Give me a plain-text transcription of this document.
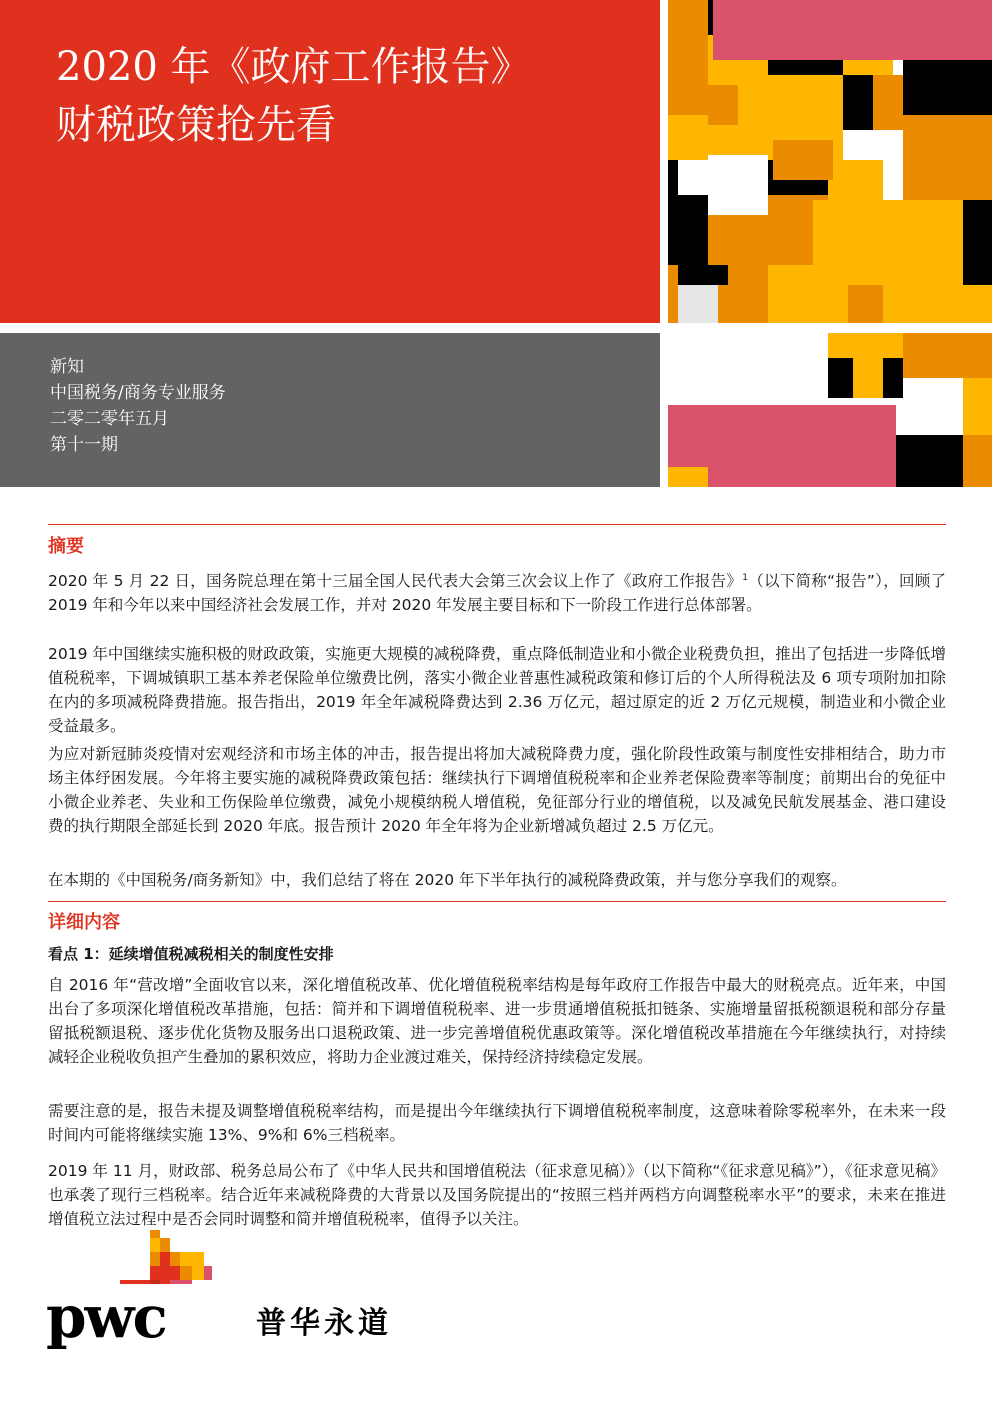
2020 年《政府工作报告》
财税政策抢先看
新知
中国税务/商务专业服务
二零二零年五月
第十一期
摘要

2020 年 5 月 22 日，国务院总理在第十三届全国人民代表大会第三次会议上作了《政府工作报告》$^1$（以下简称“报告”），回顾了 2019 年和今年以来中国经济社会发展工作，并对 2020 年发展主要目标和下一阶段工作进行总体部署。

2019 年中国继续实施积极的财政政策，实施更大规模的减税降费，重点降低制造业和小微企业税费负担，推出了包括进一步降低增值税税率，下调城镇职工基本养老保险单位缴费比例，落实小微企业普惠性减税政策和修订后的个人所得税法及 6 项专项附加扣除在内的多项减税降费措施。报告指出，2019 年全年减税降费达到 2.36 万亿元，超过原定的近 2 万亿元规模，制造业和小微企业受益最多。

为应对新冠肺炎疫情对宏观经济和市场主体的冲击，报告提出将加大减税降费力度，强化阶段性政策与制度性安排相结合，助力市场主体纾困发展。今年将主要实施的减税降费政策包括：继续执行下调增值税税率和企业养老保险费率等制度；前期出台的免征中小微企业养老、失业和工伤保险单位缴费，减免小规模纳税人增值税，免征部分行业的增值税，以及减免民航发展基金、港口建设费的执行期限全部延长到 2020 年底。报告预计 2020 年全年将为企业新增减负超过 2.5 万亿元。

在本期的《中国税务/商务新知》中，我们总结了将在 2020 年下半年执行的减税降费政策，并与您分享我们的观察。

详细内容
看点 1：延续增值税减税相关的制度性安排

自 2016 年“营改增”全面收官以来，深化增值税改革、优化增值税税率结构是每年政府工作报告中最大的财税亮点。近年来，中国出台了多项深化增值税改革措施，包括：简并和下调增值税税率、进一步贯通增值税抵扣链条、实施增量留抵税额退税和部分存量留抵税额退税、逐步优化货物及服务出口退税政策、进一步完善增值税优惠政策等。深化增值税改革措施在今年继续执行，对持续减轻企业税收负担产生叠加的累积效应，将助力企业渡过难关，保持经济持续稳定发展。

需要注意的是，报告未提及调整增值税税率结构，而是提出今年继续执行下调增值税税率制度，这意味着除零税率外，在未来一段时间内可能将继续实施 13%、9%和 6%三档税率。

2019 年 11 月，财政部、税务总局公布了《中华人民共和国增值税法（征求意见稿）》（以下简称“《征求意见稿》”），《征求意见稿》也承袭了现行三档税率。结合近年来减税降费的大背景以及国务院提出的“按照三档并两档方向调整税率水平”的要求，未来在推进增值税立法过程中是否会同时调整和简并增值税税率，值得予以关注。

pwc	普华永道
